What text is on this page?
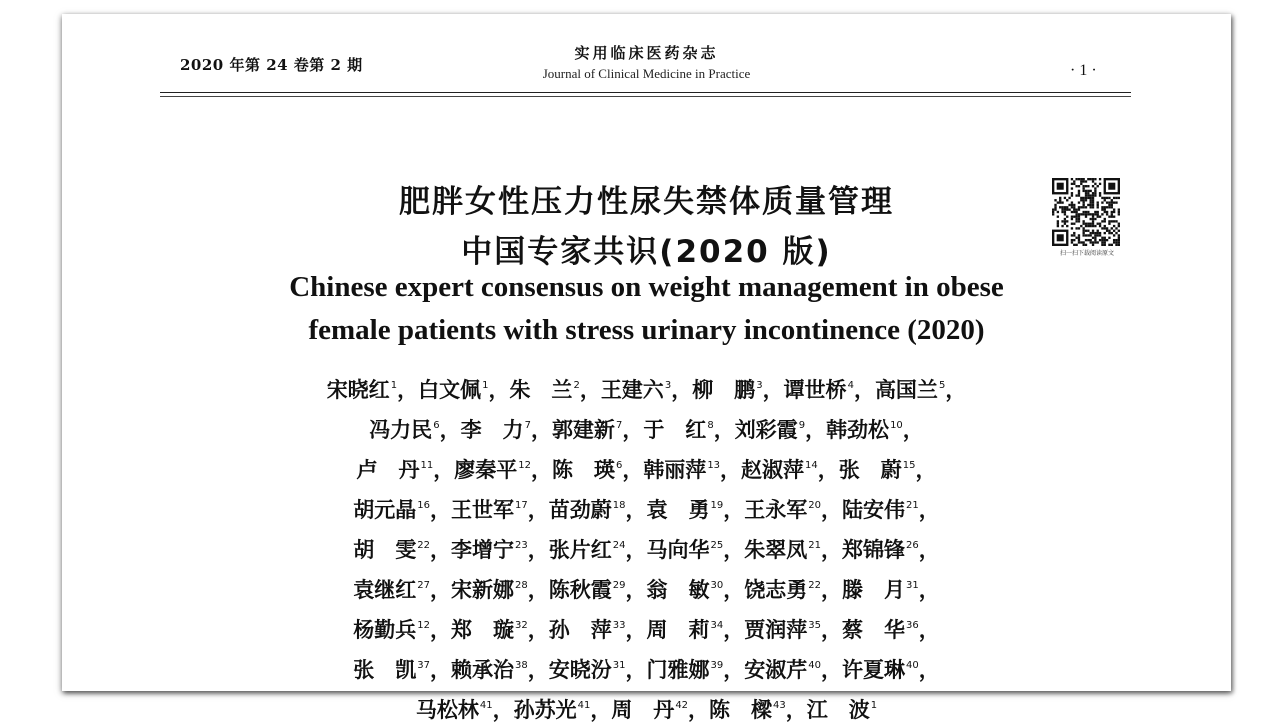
2020 年第 24 卷第 2 期
实用临床医药杂志
Journal of Clinical Medicine in Practice	· 1 ·
肥胖女性压力性尿失禁体质量管理
中国专家共识(2020 版)
Chinese expert consensus on weight management in obese
female patients with stress urinary incontinence (2020)
宋晓红$^1$，白文佩$^1$，朱　兰$^2$，王建六$^3$，柳　鹏$^3$，谭世桥$^4$，高国兰$^5$，
冯力民$^6$，李　力$^7$，郭建新$^7$，于　红$^8$，刘彩霞$^9$，韩劲松$^{10}$，
卢　丹$^{11}$，廖秦平$^{12}$，陈　瑛$^6$，韩丽萍$^{13}$，赵淑萍$^{14}$，张　蔚$^{15}$，
胡元晶$^{16}$，王世军$^{17}$，苗劲蔚$^{18}$，袁　勇$^{19}$，王永军$^{20}$，陆安伟$^{21}$，
胡　雯$^{22}$，李增宁$^{23}$，张片红$^{24}$，马向华$^{25}$，朱翠凤$^{21}$，郑锦锋$^{26}$，
袁继红$^{27}$，宋新娜$^{28}$，陈秋霞$^{29}$，翁　敏$^{30}$，饶志勇$^{22}$，滕　月$^{31}$，
杨勤兵$^{12}$，郑　璇$^{32}$，孙　萍$^{33}$，周　莉$^{34}$，贾润萍$^{35}$，蔡　华$^{36}$，
张　凯$^{37}$，赖承治$^{38}$，安晓汾$^{31}$，门雅娜$^{39}$，安淑芹$^{40}$，许夏琳$^{40}$，
马松林$^{41}$，孙苏光$^{41}$，周　丹$^{42}$，陈　樑$^{43}$，江　波$^1$
扫一扫下载阅读原文
